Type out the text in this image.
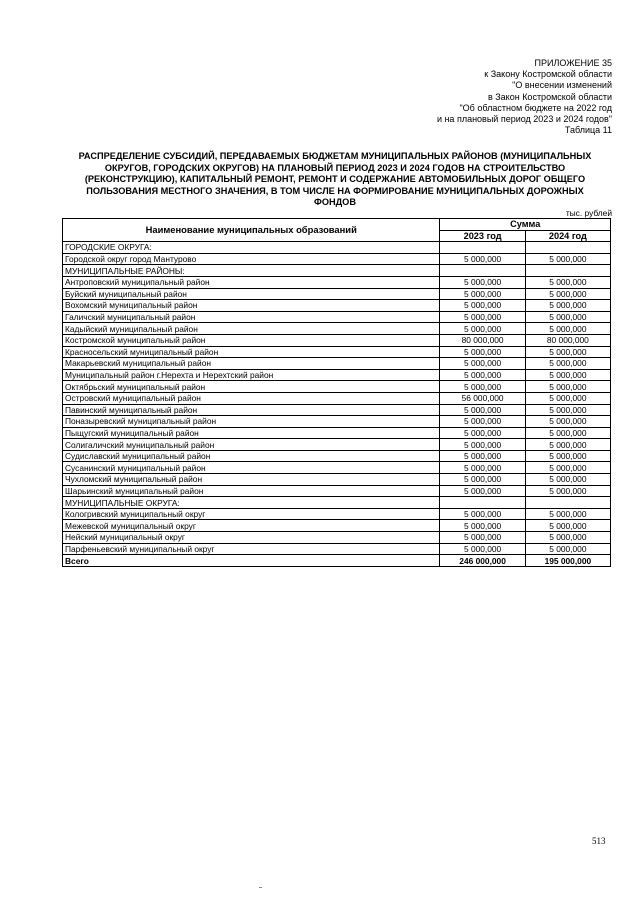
ПРИЛОЖЕНИЕ 35
к Закону Костромской области
"О внесении изменений
в Закон Костромской области
"Об областном бюджете на 2022 год
и на плановый период 2023 и 2024 годов"
Таблица 11
РАСПРЕДЕЛЕНИЕ СУБСИДИЙ, ПЕРЕДАВАЕМЫХ БЮДЖЕТАМ МУНИЦИПАЛЬНЫХ РАЙОНОВ (МУНИЦИПАЛЬНЫХ
ОКРУГОВ, ГОРОДСКИХ ОКРУГОВ) НА ПЛАНОВЫЙ ПЕРИОД 2023 И 2024 ГОДОВ НА СТРОИТЕЛЬСТВО
(РЕКОНСТРУКЦИЮ), КАПИТАЛЬНЫЙ РЕМОНТ, РЕМОНТ И СОДЕРЖАНИЕ АВТОМОБИЛЬНЫХ ДОРОГ ОБЩЕГО
ПОЛЬЗОВАНИЯ МЕСТНОГО ЗНАЧЕНИЯ, В ТОМ ЧИСЛЕ НА ФОРМИРОВАНИЕ МУНИЦИПАЛЬНЫХ ДОРОЖНЫХ
ФОНДОВ
тыс. рублей
Наименование муниципальных образований	Сумма	
	2023 год	2024 год
ГОРОДСКИЕ ОКРУГА:		
Городской округ город Мантурово	5 000,000	5 000,000
МУНИЦИПАЛЬНЫЕ РАЙОНЫ:		
Антроповский муниципальный район	5 000,000	5 000,000
Буйский муниципальный район	5 000,000	5 000,000
Вохомский муниципальный район	5 000,000	5 000,000
Галичский муниципальный район	5 000,000	5 000,000
Кадыйский муниципальный район	5 000,000	5 000,000
Костромской муниципальный район	80 000,000	80 000,000
Красносельский муниципальный район	5 000,000	5 000,000
Макарьевский муниципальный район	5 000,000	5 000,000
Муниципальный район г.Нерехта и Нерехтский район	5 000,000	5 000,000
Октябрьский муниципальный район	5 000,000	5 000,000
Островский муниципальный район	56 000,000	5 000,000
Павинский муниципальный район	5 000,000	5 000,000
Поназыревский муниципальный район	5 000,000	5 000,000
Пыщугский муниципальный район	5 000,000	5 000,000
Солигаличский муниципальный район	5 000,000	5 000,000
Судиславский муниципальный район	5 000,000	5 000,000
Сусанинский муниципальный район	5 000,000	5 000,000
Чухломский муниципальный район	5 000,000	5 000,000
Шарьинский муниципальный район	5 000,000	5 000,000
МУНИЦИПАЛЬНЫЕ ОКРУГА:		
Кологривский муниципальный округ	5 000,000	5 000,000
Межевской муниципальный округ	5 000,000	5 000,000
Нейский муниципальный округ	5 000,000	5 000,000
Парфеньевский муниципальный округ	5 000,000	5 000,000
Всего	246 000,000	195 000,000
513
